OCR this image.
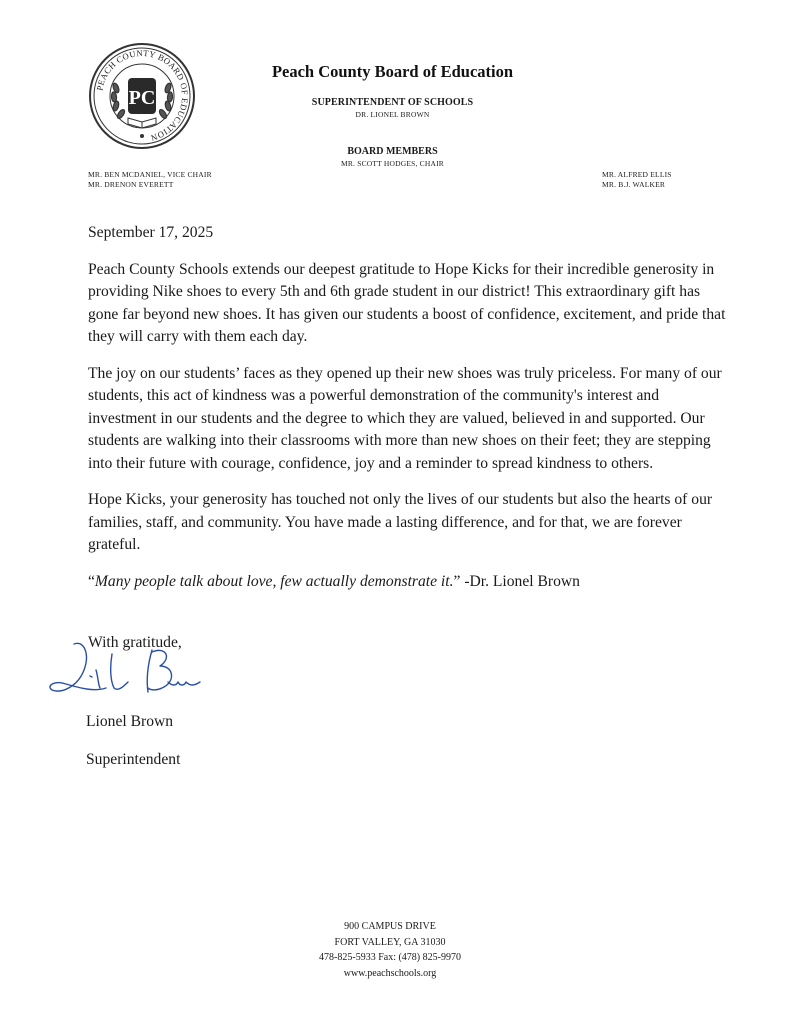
PEACH COUNTY BOARD OF EDUCATION
PC
Peach County Board of Education
SUPERINTENDENT OF SCHOOLS
DR. LIONEL BROWN
BOARD MEMBERS
MR. SCOTT HODGES, CHAIR
MR. BEN MCDANIEL, VICE CHAIR
MR. DRENON EVERETT
MR. ALFRED ELLIS
MR. B.J. WALKER

September 17, 2025

Peach County Schools extends our deepest gratitude to Hope Kicks for their incredible generosity in providing Nike shoes to every 5th and 6th grade student in our district! This extraordinary gift has gone far beyond new shoes. It has given our students a boost of confidence, excitement, and pride that they will carry with them each day.

The joy on our students’ faces as they opened up their new shoes was truly priceless. For many of our students, this act of kindness was a powerful demonstration of the community's interest and investment in our students and the degree to which they are valued, believed in and supported. Our students are walking into their classrooms with more than new shoes on their feet; they are stepping into their future with courage, confidence, joy and a reminder to spread kindness to others.

Hope Kicks, your generosity has touched not only the lives of our students but also the hearts of our families, staff, and community. You have made a lasting difference, and for that, we are forever grateful.

“Many people talk about love, few actually demonstrate it.” -Dr. Lionel Brown

With gratitude,
Lionel Brown
Superintendent
900 CAMPUS DRIVE
FORT VALLEY, GA 31030
478-825-5933 Fax: (478) 825-9970
www.peachschools.org
